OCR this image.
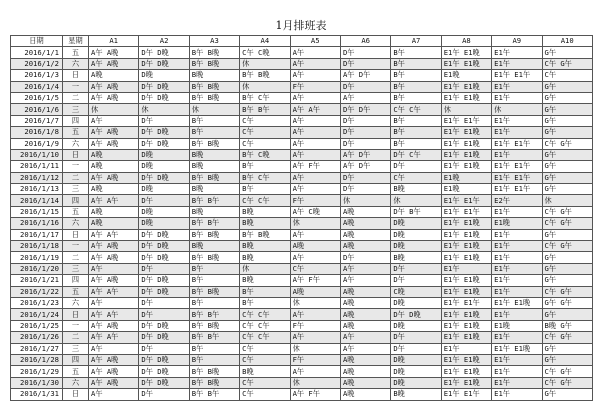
1月排班表
日期	星期	A1	A2	A3	A4	A5	A6	A7	A8	A9	A10
2016/1/1	五	A午 A晚	D午 D晚	B午 B晚	C午 C晚	A午	D午	B午	E1午 E1晚	E1午	G午
2016/1/2	六	A午 A晚	D午 D晚	B午 B晚	休	A午	D午	B午	E1午 E1晚	E1午	C午 G午
2016/1/3	日	A晚	D晚	B晚	B午 B晚	A午	A午 D午	B午	E1晚	E1午 E1午	C午
2016/1/4	一	A午 A晚	D午 D晚	B午 B晚	休	F午	D午	B午	E1午 E1晚	E1午	G午
2016/1/5	二	A午 A晚	D午 D晚	B午 B晚	B午 C午	A午	A午	B午	E1午 E1晚	E1午	G午
2016/1/6	三	休	休	休	B午 B午	A午 A午	D午 D午	C午 C午	休	休	G午
2016/1/7	四	A午	D午	B午	C午	A午	D午	B午	E1午 E1午	E1午	G午
2016/1/8	五	A午 A晚	D午 D晚	B午	C午	A午	D午	B午	E1午 E1晚	E1午	G午
2016/1/9	六	A午 A晚	D午 D晚	B午 B晚	C午	A午	D午	B午	E1午 E1晚	E1午 E1午	C午 G午
2016/1/10	日	A晚	D晚	B晚	B午 C晚	A午	A午 D午	D午 C午	E1午 E1晚	E1午	G午
2016/1/11	一	A晚	D晚	B晚	B午	A午 F午	A午 D午	D午	E1午 E1晚	E1午 E1午	G午
2016/1/12	二	A午 A晚	D午 D晚	B午 B晚	B午 C午	A午	D午	C午	E1晚	E1午 E1午	G午
2016/1/13	三	A晚	D晚	B晚	B午	A午	D午	B晚	E1晚	E1午 E1午	G午
2016/1/14	四	A午 A午	D午	B午 B午	C午 C午	F午	休	休	E1午 E1午	E2午	休
2016/1/15	五	A晚	D晚	B晚	B晚	A午 C晚	A晚	D午 B午	E1午 E1午	E1午	C午 G午
2016/1/16	六	A晚	D晚	B午 B午	B晚	休	A晚	D晚	E1午 E1晚	E1晚	C午 G午
2016/1/17	日	A午 A午	D午 D晚	B午 B晚	B午 B晚	A午	A晚	D晚	E1午 E1晚	E1午	G午
2016/1/18	一	A午 A晚	D午 D晚	B晚	B晚	A晚	A晚	D晚	E1午 E1晚	E1午	C午 G午
2016/1/19	二	A午 A晚	D午 D晚	B午 B晚	B晚	A午	D午	B晚	E1午 E1晚	E1午	G午
2016/1/20	三	A午	D午	B午	休	C午	A午	D午	E1午	E1午	G午
2016/1/21	四	A午 A晚	D午 D晚	B午	B晚	A午 F午	A午	D午	E1午 E1晚	E1午	G午
2016/1/22	五	A午 A午	D午 D晚	B午 B晚	B午	A晚	A晚	C晚	E1午 E1晚	E1午	C午 G午
2016/1/23	六	A午	D午	B午	B午	休	A晚	D晚	E1午 E1午	E1午 E1晚	G午 G午
2016/1/24	日	A午 A午	D午	B午 B午	C午 C午	A午	A晚	D午 D晚	E1午 E1晚	E1午	G午
2016/1/25	一	A午 A晚	D午 D晚	B午 B晚	C午 C午	F午	A晚	D晚	E1午 E1晚	E1晚	B晚 G午
2016/1/26	二	A午 A午	D午 D晚	B午 B午	C午 C午	A午	A午	D午	E1午 E1晚	E1午	C午 G午
2016/1/27	三	A午	D午	B午	C午	休	A午	D午	E1午	E1午 E1晚	G午
2016/1/28	四	A午 A晚	D午 D晚	B午	C午	F午	A晚	D晚	E1午 E1晚	E1午	G午
2016/1/29	五	A午 A晚	D午 D晚	B午 B晚	B晚	A午	A晚	D晚	E1午 E1晚	E1午	C午 G午
2016/1/30	六	A午 A晚	D午 D晚	B午 B晚	C午	休	A晚	D晚	E1午 E1晚	E1午	C午 G午
2016/1/31	日	A午	D午	B午 B午	C午	A午 F午	A晚	B晚	E1午 E1午	E1午	G午
